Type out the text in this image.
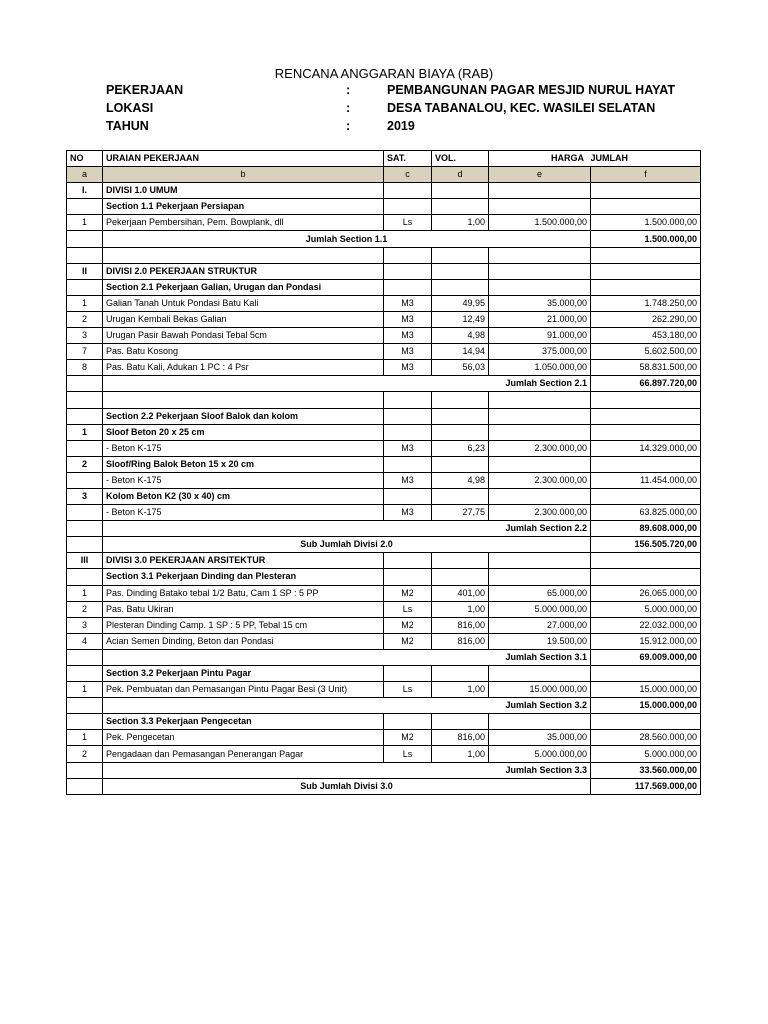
RENCANA ANGGARAN BIAYA (RAB)
PEKERJAAN	:	PEMBANGUNAN PAGAR MESJID NURUL HAYAT
LOKASI	:	DESA TABANALOU, KEC. WASILEI SELATAN
TAHUN	:	2019
NO	URAIAN PEKERJAAN	SAT.	VOL.	HARGA	JUMLAH
a	b	c	d	e	f
I.	DIVISI 1.0 UMUM				
	Section 1.1 Pekerjaan Persiapan				
1	Pekerjaan Pembersihan, Pem. Bowplank, dll	Ls	1,00	1.500.000,00	1.500.000,00
	Jumlah Section 1.1				1.500.000,00

II	DIVISI 2.0 PEKERJAAN STRUKTUR				
	Section 2.1 Pekerjaan Galian, Urugan dan Pondasi				
1	Galian Tanah Untuk Pondasi Batu Kali	M3	49,95	35.000,00	1.748.250,00
2	Urugan Kembali Bekas Galian	M3	12,49	21.000,00	262.290,00
3	Urugan Pasir Bawah Pondasi Tebal 5cm	M3	4,98	91.000,00	453.180,00
7	Pas. Batu Kosong	M3	14,94	375.000,00	5.602.500,00
8	Pas. Batu Kali, Adukan 1 PC : 4 Psr	M3	56,03	1.050.000,00	58.831.500,00
	Jumlah Section 2.1				66.897.720,00

	Section 2.2 Pekerjaan Sloof Balok dan kolom				
1	Sloof Beton 20 x 25 cm				
	- Beton K-175	M3	6,23	2.300.000,00	14.329.000,00
2	Sloof/Ring Balok Beton 15 x 20 cm				
	- Beton K-175	M3	4,98	2.300.000,00	11.454.000,00
3	Kolom Beton K2 (30 x 40) cm				
	- Beton K-175	M3	27,75	2.300.000,00	63.825.000,00
	Jumlah Section 2.2				89.608.000,00
	Sub Jumlah Divisi 2.0				156.505.720,00
III	DIVISI 3.0 PEKERJAAN ARSITEKTUR				
	Section 3.1 Pekerjaan Dinding dan Plesteran				
1	Pas. Dinding Batako tebal 1/2 Batu, Cam 1 SP : 5 PP	M2	401,00	65.000,00	26.065.000,00
2	Pas. Batu Ukiran	Ls	1,00	5.000.000,00	5.000.000,00
3	Plesteran Dinding Camp. 1 SP : 5 PP, Tebal 15 cm	M2	816,00	27.000,00	22.032.000,00
4	Acian Semen Dinding, Beton dan Pondasi	M2	816,00	19.500,00	15.912.000,00
	Jumlah Section 3.1				69.009.000,00
	Section 3.2 Pekerjaan Pintu Pagar				
1	Pek. Pembuatan dan Pemasangan Pintu Pagar Besi (3 Unit)	Ls	1,00	15.000.000,00	15.000.000,00
	Jumlah Section 3.2				15.000.000,00
	Section 3.3 Pekerjaan Pengecetan				
1	Pek. Pengecetan	M2	816,00	35.000,00	28.560.000,00
2	Pengadaan dan Pemasangan Penerangan Pagar	Ls	1,00	5.000.000,00	5.000.000,00
	Jumlah Section 3.3				33.560.000,00
	Sub Jumlah Divisi 3.0				117.569.000,00
